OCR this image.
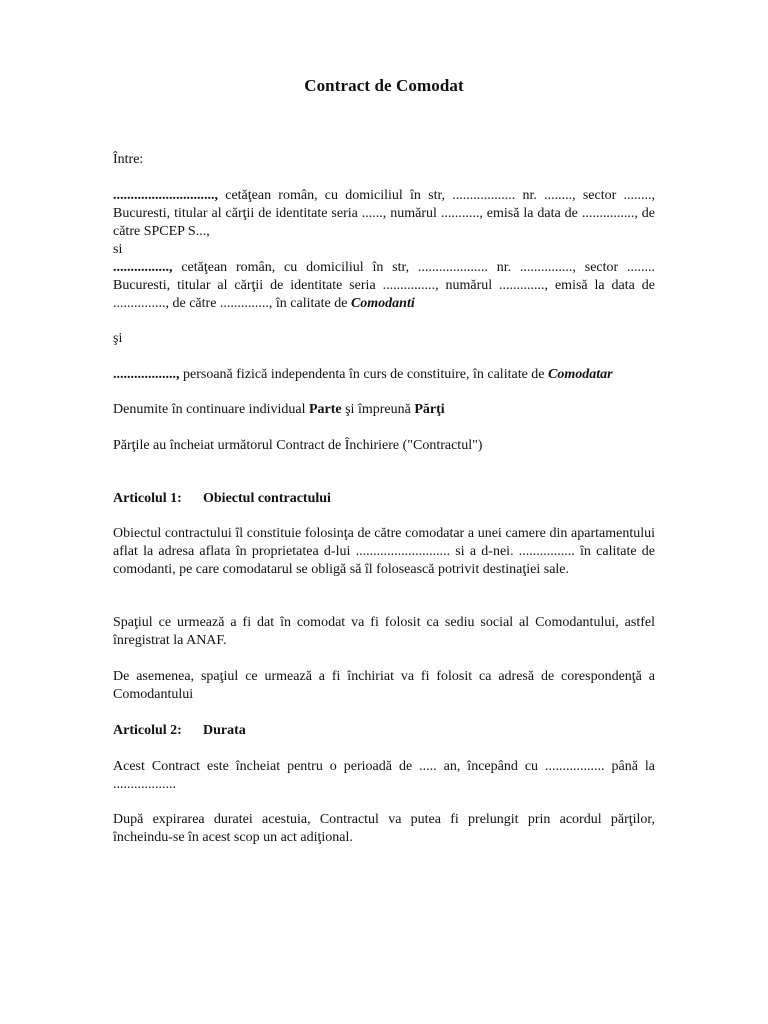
Contract de Comodat
Între:
............................., cetăţean român, cu domiciliul în str, .................. nr. ........, sector ........, Bucuresti, titular al cărţii de identitate seria ......, numărul ..........., emisă la data de ..............., de către SPCEP S...,
si
................, cetăţean român, cu domiciliul în str, .................... nr. ..............., sector ........ Bucuresti, titular al cărţii de identitate seria ..............., numărul ............., emisă la data de ..............., de către .............., în calitate de Comodanti
şi
.................., persoană fizică independenta în curs de constituire, în calitate de Comodatar
Denumite în continuare individual Parte şi împreună Părţi
Părţile au încheiat următorul Contract de Închiriere ("Contractul")
Articolul 1: Obiectul contractului
Obiectul contractului îl constituie folosinţa de către comodatar a unei camere din apartamentului aflat la adresa aflata în proprietatea d-lui ........................... si a d-nei. ................ în calitate de comodanti, pe care comodatarul se obligă să îl folosească potrivit destinaţiei sale.
Spaţiul ce urmează a fi dat în comodat va fi folosit ca sediu social al Comodantului, astfel înregistrat la ANAF.
De asemenea, spaţiul ce urmează a fi închiriat va fi folosit ca adresă de corespondenţă a Comodantului
Articolul 2: Durata
Acest Contract este încheiat pentru o perioadă de ..... an, începând cu ................. până la ..................
După expirarea duratei acestuia, Contractul va putea fi prelungit prin acordul părţilor, încheindu-se în acest scop un act adiţional.
